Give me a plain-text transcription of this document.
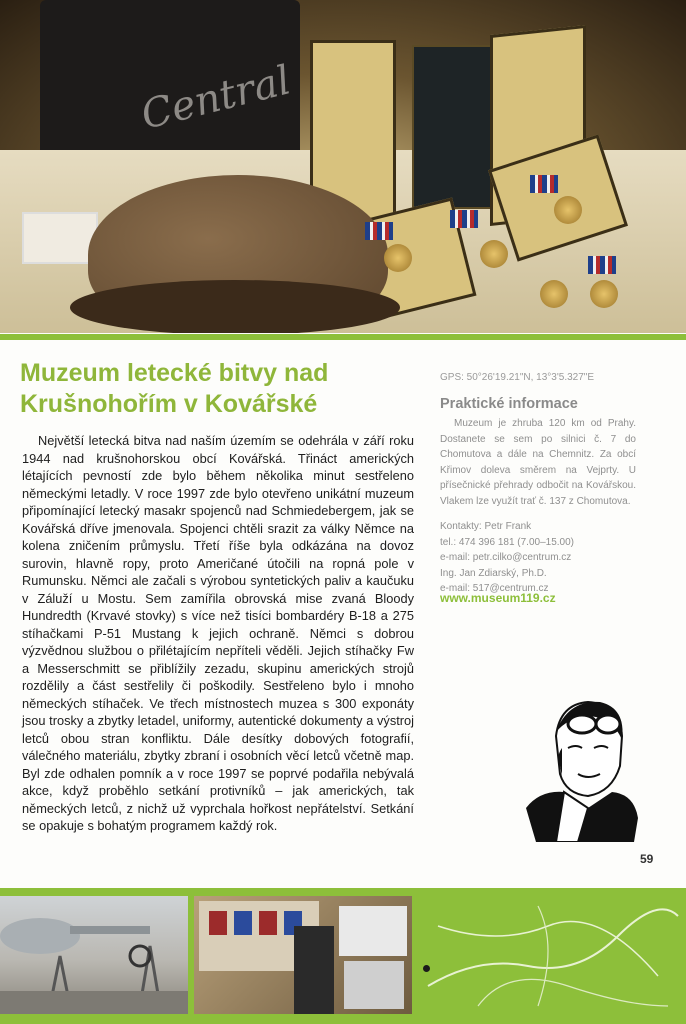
Central
Muzeum letecké bitvy nad Krušnohořím v Kovářské

Největší letecká bitva nad naším územím se odehrála v září roku 1944 nad krušnohorskou obcí Kovářská. Třináct amerických létajících pevností zde bylo během několika minut sestřeleno německými letadly. V roce 1997 zde bylo otevřeno unikátní muzeum připomínající letecký masakr spojenců nad Schmiedebergem, jak se Kovářská dříve jmenovala. Spojenci chtěli srazit za války Němce na kolena zničením průmyslu. Třetí říše byla odkázána na dovoz surovin, hlavně ropy, proto Američané útočili na ropná pole v Rumunsku. Němci ale začali s výrobou syntetických paliv a kaučuku v Záluží u Mostu. Sem zamířila obrovská mise zvaná Bloody Hundredth (Krvavé stovky) s více než tisíci bombardéry B-18 a 275 stíhačkami P-51 Mustang k jejich ochraně. Němci s dobrou výzvědnou službou o přilétajícím nepříteli věděli. Jejich stíhačky Fw a Messerschmitt se přiblížily zezadu, skupinu amerických strojů rozdělily a část sestřelily či poškodily. Sestřeleno bylo i mnoho německých stíhaček. Ve třech místnostech muzea s 300 exponáty jsou trosky a zbytky letadel, uniformy, autentické dokumenty a výstroj letců obou stran konfliktu. Dále desítky dobových fotografií, válečného materiálu, zbytky zbraní i osobních věcí letců včetně map. Byl zde odhalen pomník a v roce 1997 se poprvé podařila nebývalá akce, když proběhlo setkání protivníků – jak amerických, tak německých letců, z nichž už vyprchala hořkost nepřátelství. Setkání se opakuje s bohatým programem každý rok.

GPS: 50°26'19.21"N, 13°3'5.327"E

Praktické informace

Muzeum je zhruba 120 km od Prahy. Dostanete se sem po silnici č. 7 do Chomutova a dále na Chemnitz. Za obcí Křimov doleva směrem na Vejprty. U přísečnické přehrady odbočit na Kovářskou. Vlakem lze využít trať č. 137 z Chomutova.

Kontakty: Petr Frank
tel.: 474 396 181 (7.00–15.00)
e-mail: petr.cilko@centrum.cz
Ing. Jan Zdiarský, Ph.D.
e-mail: 517@centrum.cz

www.museum119.cz

59
